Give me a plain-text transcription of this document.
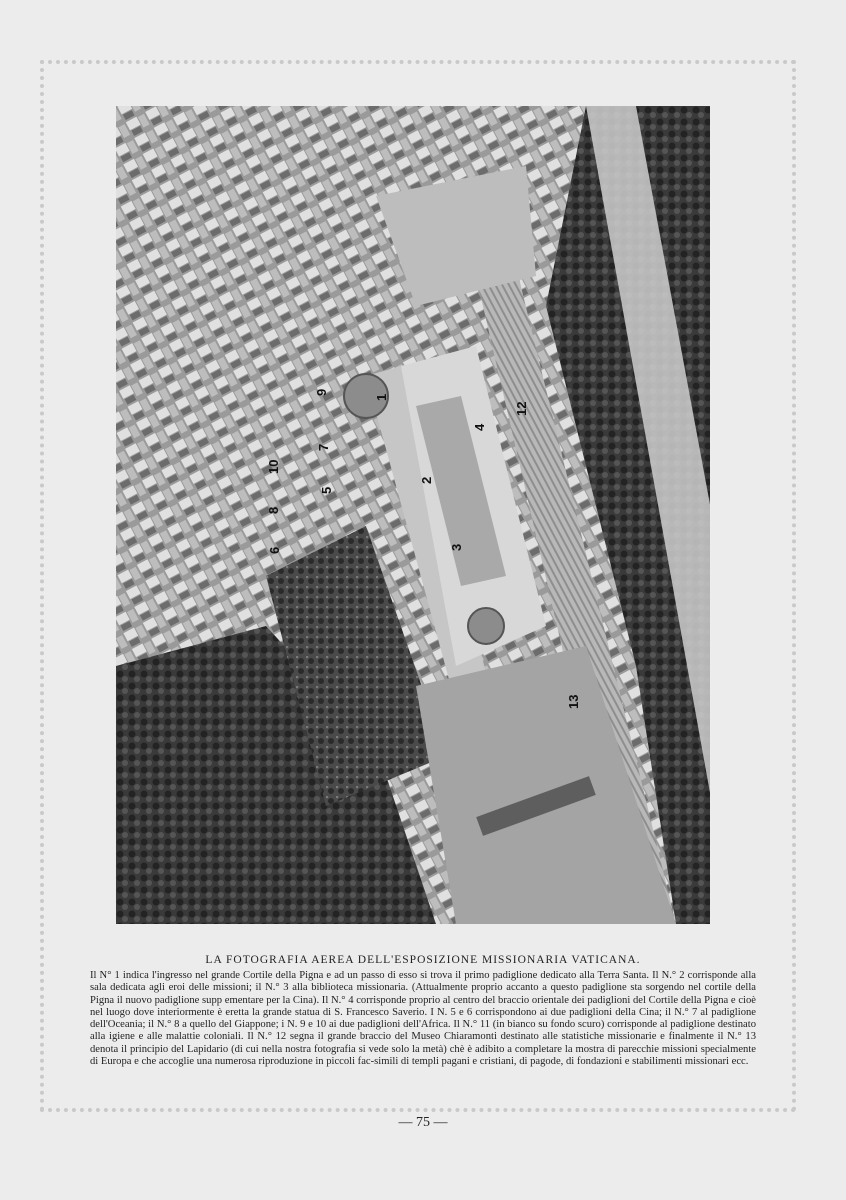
1
2
3
4
5
6
7
8
9
10
12
13
LA FOTOGRAFIA AEREA DELL'ESPOSIZIONE MISSIONARIA VATICANA.
Il N° 1 indica l'ingresso nel grande Cortile della Pigna e ad un passo di esso si trova il primo padiglione dedicato alla Terra Santa. Il N.° 2 corrisponde alla sala dedicata agli eroi delle missioni; il N.° 3 alla biblioteca missionaria. (Attualmente proprio accanto a questo padiglione sta sorgendo nel cortile della Pigna il nuovo padiglione supp ementare per la Cina). Il N.° 4 corrisponde proprio al centro del braccio orientale dei padiglioni del Cortile della Pigna e cioè nel luogo dove interiormente è eretta la grande statua di S. Francesco Saverio. I N. 5 e 6 corrispondono ai due padiglioni della Cina; il N.° 7 al padiglione dell'Oceania; il N.° 8 a quello del Giappone; i N. 9 e 10 ai due padiglioni dell'Africa. Il N.° 11 (in bianco su fondo scuro) corrisponde al padiglione destinato alla igiene e alle malattie coloniali. Il N.° 12 segna il grande braccio del Museo Chiaramonti destinato alle statistiche missionarie e finalmente il N.° 13 denota il principio del Lapidario (di cui nella nostra fotografia si vede solo la metà) chè è adibito a completare la mostra di parecchie missioni specialmente di Europa e che accoglie una numerosa riproduzione in piccoli fac-simili di templi pagani e cristiani, di pagode, di fondazioni e stabilimenti missionari ecc.
— 75 —
